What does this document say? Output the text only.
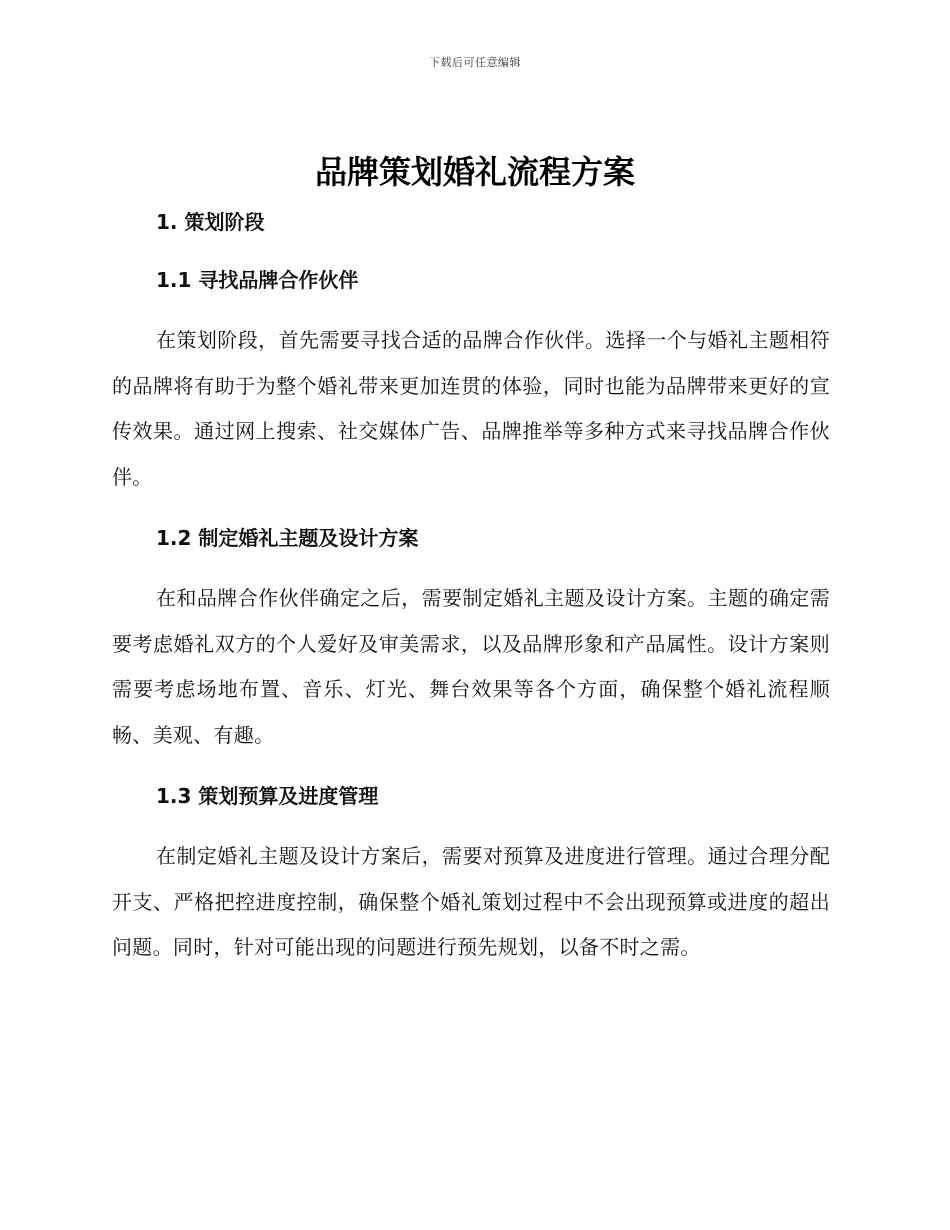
下载后可任意编辑
品牌策划婚礼流程方案
1. 策划阶段
1.1 寻找品牌合作伙伴

在策划阶段，首先需要寻找合适的品牌合作伙伴。选择一个与婚礼主题相符的品牌将有助于为整个婚礼带来更加连贯的体验，同时也能为品牌带来更好的宣传效果。通过网上搜索、社交媒体广告、品牌推举等多种方式来寻找品牌合作伙伴。

1.2 制定婚礼主题及设计方案

在和品牌合作伙伴确定之后，需要制定婚礼主题及设计方案。主题的确定需要考虑婚礼双方的个人爱好及审美需求，以及品牌形象和产品属性。设计方案则需要考虑场地布置、音乐、灯光、舞台效果等各个方面，确保整个婚礼流程顺畅、美观、有趣。

1.3 策划预算及进度管理

在制定婚礼主题及设计方案后，需要对预算及进度进行管理。通过合理分配开支、严格把控进度控制，确保整个婚礼策划过程中不会出现预算或进度的超出问题。同时，针对可能出现的问题进行预先规划，以备不时之需。
